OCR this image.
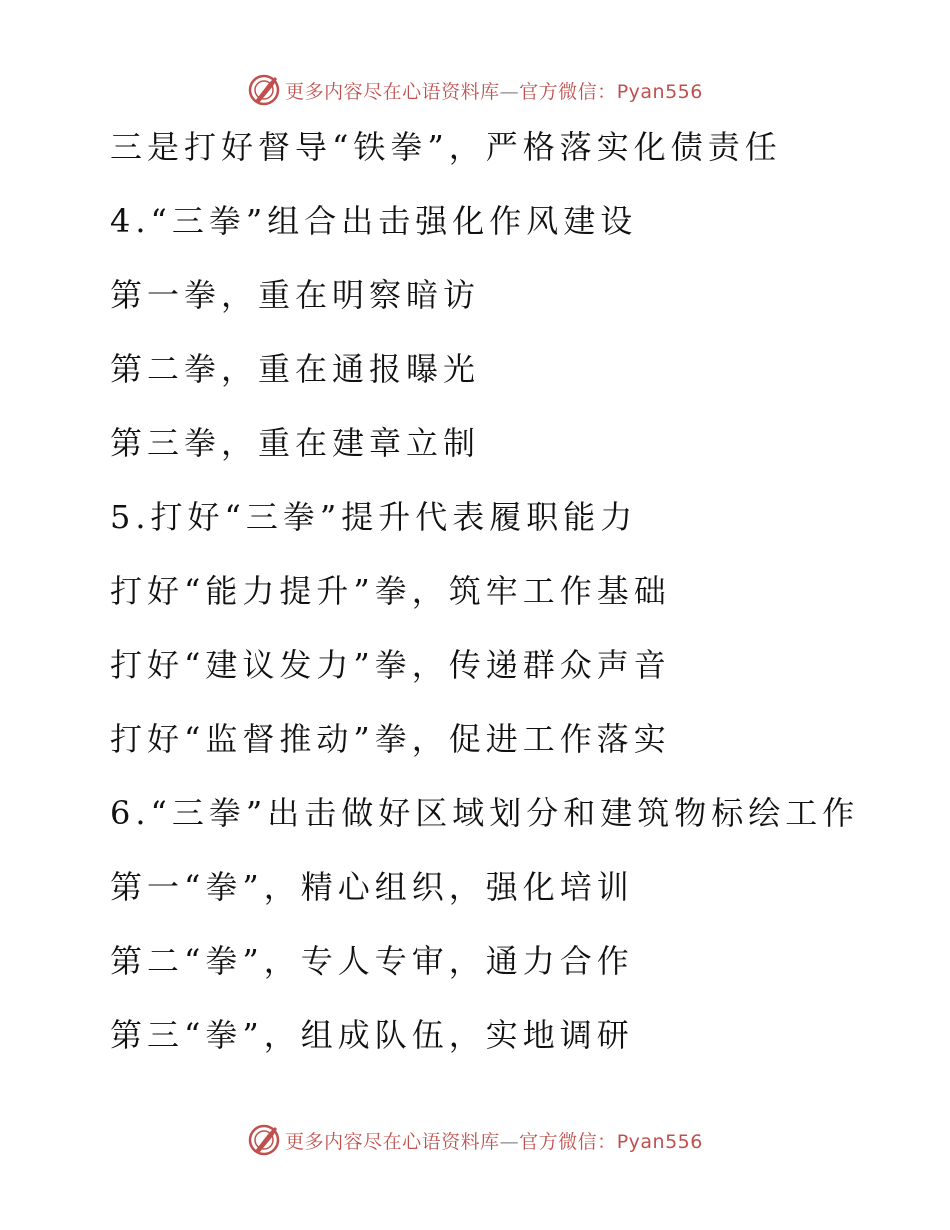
更多内容尽在心语资料库—官方微信：Pyan556
三是打好督导“铁拳”，严格落实化债责任
4.“三拳”组合出击强化作风建设
第一拳，重在明察暗访
第二拳，重在通报曝光
第三拳，重在建章立制
5.打好“三拳”提升代表履职能力
打好“能力提升”拳，筑牢工作基础
打好“建议发力”拳，传递群众声音
打好“监督推动”拳，促进工作落实
6.“三拳”出击做好区域划分和建筑物标绘工作
第一“拳”，精心组织，强化培训
第二“拳”，专人专审，通力合作
第三“拳”，组成队伍，实地调研
更多内容尽在心语资料库—官方微信：Pyan556
